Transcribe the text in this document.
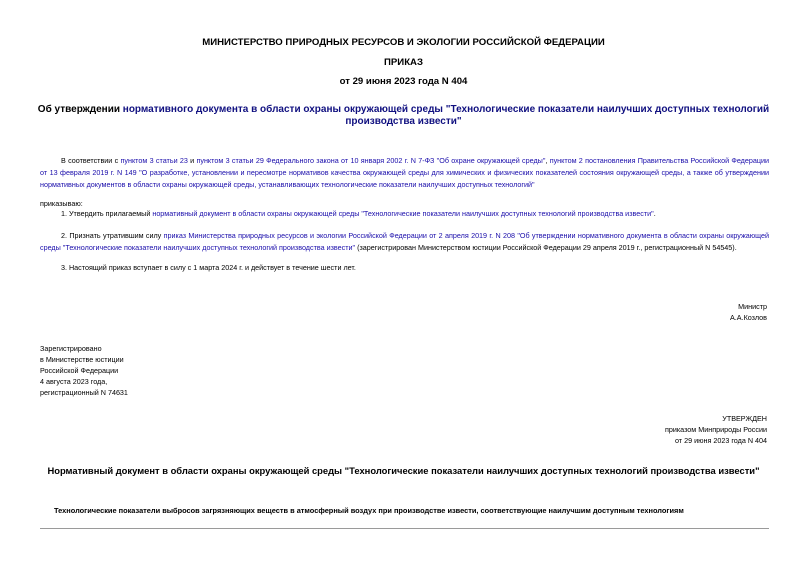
МИНИСТЕРСТВО ПРИРОДНЫХ РЕСУРСОВ И ЭКОЛОГИИ РОССИЙСКОЙ ФЕДЕРАЦИИ
ПРИКАЗ
от 29 июня 2023 года N 404
Об утверждении нормативного документа в области охраны окружающей среды "Технологические показатели наилучших доступных технологий производства извести"
В соответствии с пунктом 3 статьи 23 и пунктом 3 статьи 29 Федерального закона от 10 января 2002 г. N 7-ФЗ "Об охране окружающей среды", пунктом 2 постановления Правительства Российской Федерации от 13 февраля 2019 г. N 149 "О разработке, установлении и пересмотре нормативов качества окружающей среды для химических и физических показателей состояния окружающей среды, а также об утверждении нормативных документов в области охраны окружающей среды, устанавливающих технологические показатели наилучших доступных технологий"
приказываю:
1. Утвердить прилагаемый нормативный документ в области охраны окружающей среды "Технологические показатели наилучших доступных технологий производства извести".
2. Признать утратившим силу приказ Министерства природных ресурсов и экологии Российской Федерации от 2 апреля 2019 г. N 208 "Об утверждении нормативного документа в области охраны окружающей среды "Технологические показатели наилучших доступных технологий производства извести" (зарегистрирован Министерством юстиции Российской Федерации 29 апреля 2019 г., регистрационный N 54545).
3. Настоящий приказ вступает в силу с 1 марта 2024 г. и действует в течение шести лет.
Министр
А.А.Козлов
Зарегистрировано
в Министерстве юстиции
Российской Федерации
4 августа 2023 года,
регистрационный N 74631
УТВЕРЖДЕН
приказом Минприроды России
от 29 июня 2023 года N 404
Нормативный документ в области охраны окружающей среды "Технологические показатели наилучших доступных технологий производства извести"
Технологические показатели выбросов загрязняющих веществ в атмосферный воздух при производстве извести, соответствующие наилучшим доступным технологиям
